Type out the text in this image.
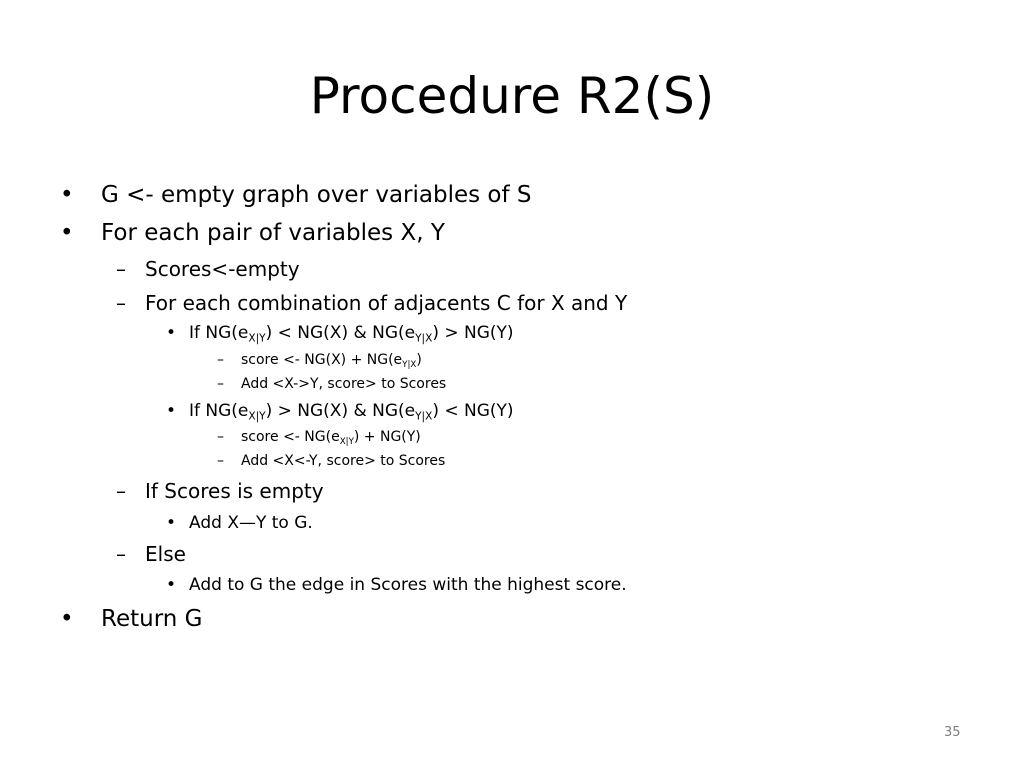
Procedure R2(S)
• G <- empty graph over variables of S
• For each pair of variables X, Y
– Scores<-empty
– For each combination of adjacents C for X and Y
• If $NG(e_{X|Y}) < NG(X)$ & $NG(e_{Y|X}) > NG(Y)$
– score <- $NG(X) + NG(e_{Y|X})$
– Add <X->Y, score> to Scores
• If $NG(e_{X|Y}) > NG(X)$ & $NG(e_{Y|X}) < NG(Y)$
– score <- $NG(e_{X|Y}) + NG(Y)$
– Add <X<-Y, score> to Scores
– If Scores is empty
• Add X—Y to G.
– Else
• Add to G the edge in Scores with the highest score.
• Return G
35
